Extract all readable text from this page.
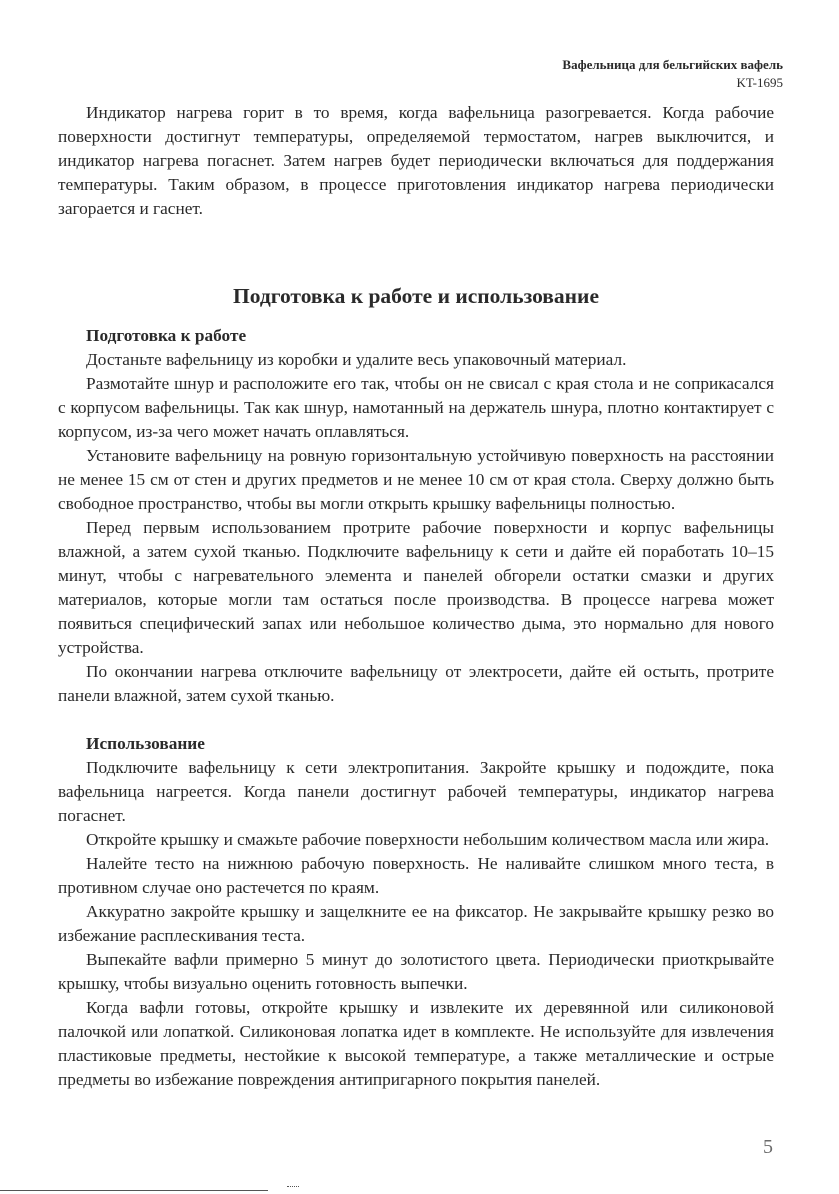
Вафельница для бельгийских вафель
KT-1695

Индикатор нагрева горит в то время, когда вафельница разогревается. Когда рабочие поверхности достигнут температуры, определяемой термостатом, нагрев выключится, и индикатор нагрева погаснет. Затем нагрев будет периодически включаться для поддержания температуры. Таким образом, в процессе приготовления индикатор нагрева периодически загорается и гаснет.

Подготовка к работе и использование
Подготовка к работе

Достаньте вафельницу из коробки и удалите весь упаковочный материал.

Размотайте шнур и расположите его так, чтобы он не свисал с края стола и не соприкасался с корпусом вафельницы. Так как шнур, намотанный на держатель шнура, плотно контактирует с корпусом, из-за чего может начать оплавляться.

Установите вафельницу на ровную горизонтальную устойчивую поверхность на расстоянии не менее 15 см от стен и других предметов и не менее 10 см от края стола. Сверху должно быть свободное пространство, чтобы вы могли открыть крышку вафельницы полностью.

Перед первым использованием протрите рабочие поверхности и корпус вафельницы влажной, а затем сухой тканью. Подключите вафельницу к сети и дайте ей поработать 10–15 минут, чтобы с нагревательного элемента и панелей обгорели остатки смазки и других материалов, которые могли там остаться после производства. В процессе нагрева может появиться специфический запах или небольшое количество дыма, это нормально для нового устройства.

По окончании нагрева отключите вафельницу от электросети, дайте ей остыть, протрите панели влажной, затем сухой тканью.

Использование

Подключите вафельницу к сети электропитания. Закройте крышку и подождите, пока вафельница нагреется. Когда панели достигнут рабочей температуры, индикатор нагрева погаснет.

Откройте крышку и смажьте рабочие поверхности небольшим количеством масла или жира.

Налейте тесто на нижнюю рабочую поверхность. Не наливайте слишком много теста, в противном случае оно растечется по краям.

Аккуратно закройте крышку и защелкните ее на фиксатор. Не закрывайте крышку резко во избежание расплескивания теста.

Выпекайте вафли примерно 5 минут до золотистого цвета. Периодически приоткрывайте крышку, чтобы визуально оценить готовность выпечки.

Когда вафли готовы, откройте крышку и извлеките их деревянной или силиконовой палочкой или лопаткой. Силиконовая лопатка идет в комплекте. Не используйте для извлечения пластиковые предметы, нестойкие к высокой температуре, а также металлические и острые предметы во избежание повреждения антипригарного покрытия панелей.

5
